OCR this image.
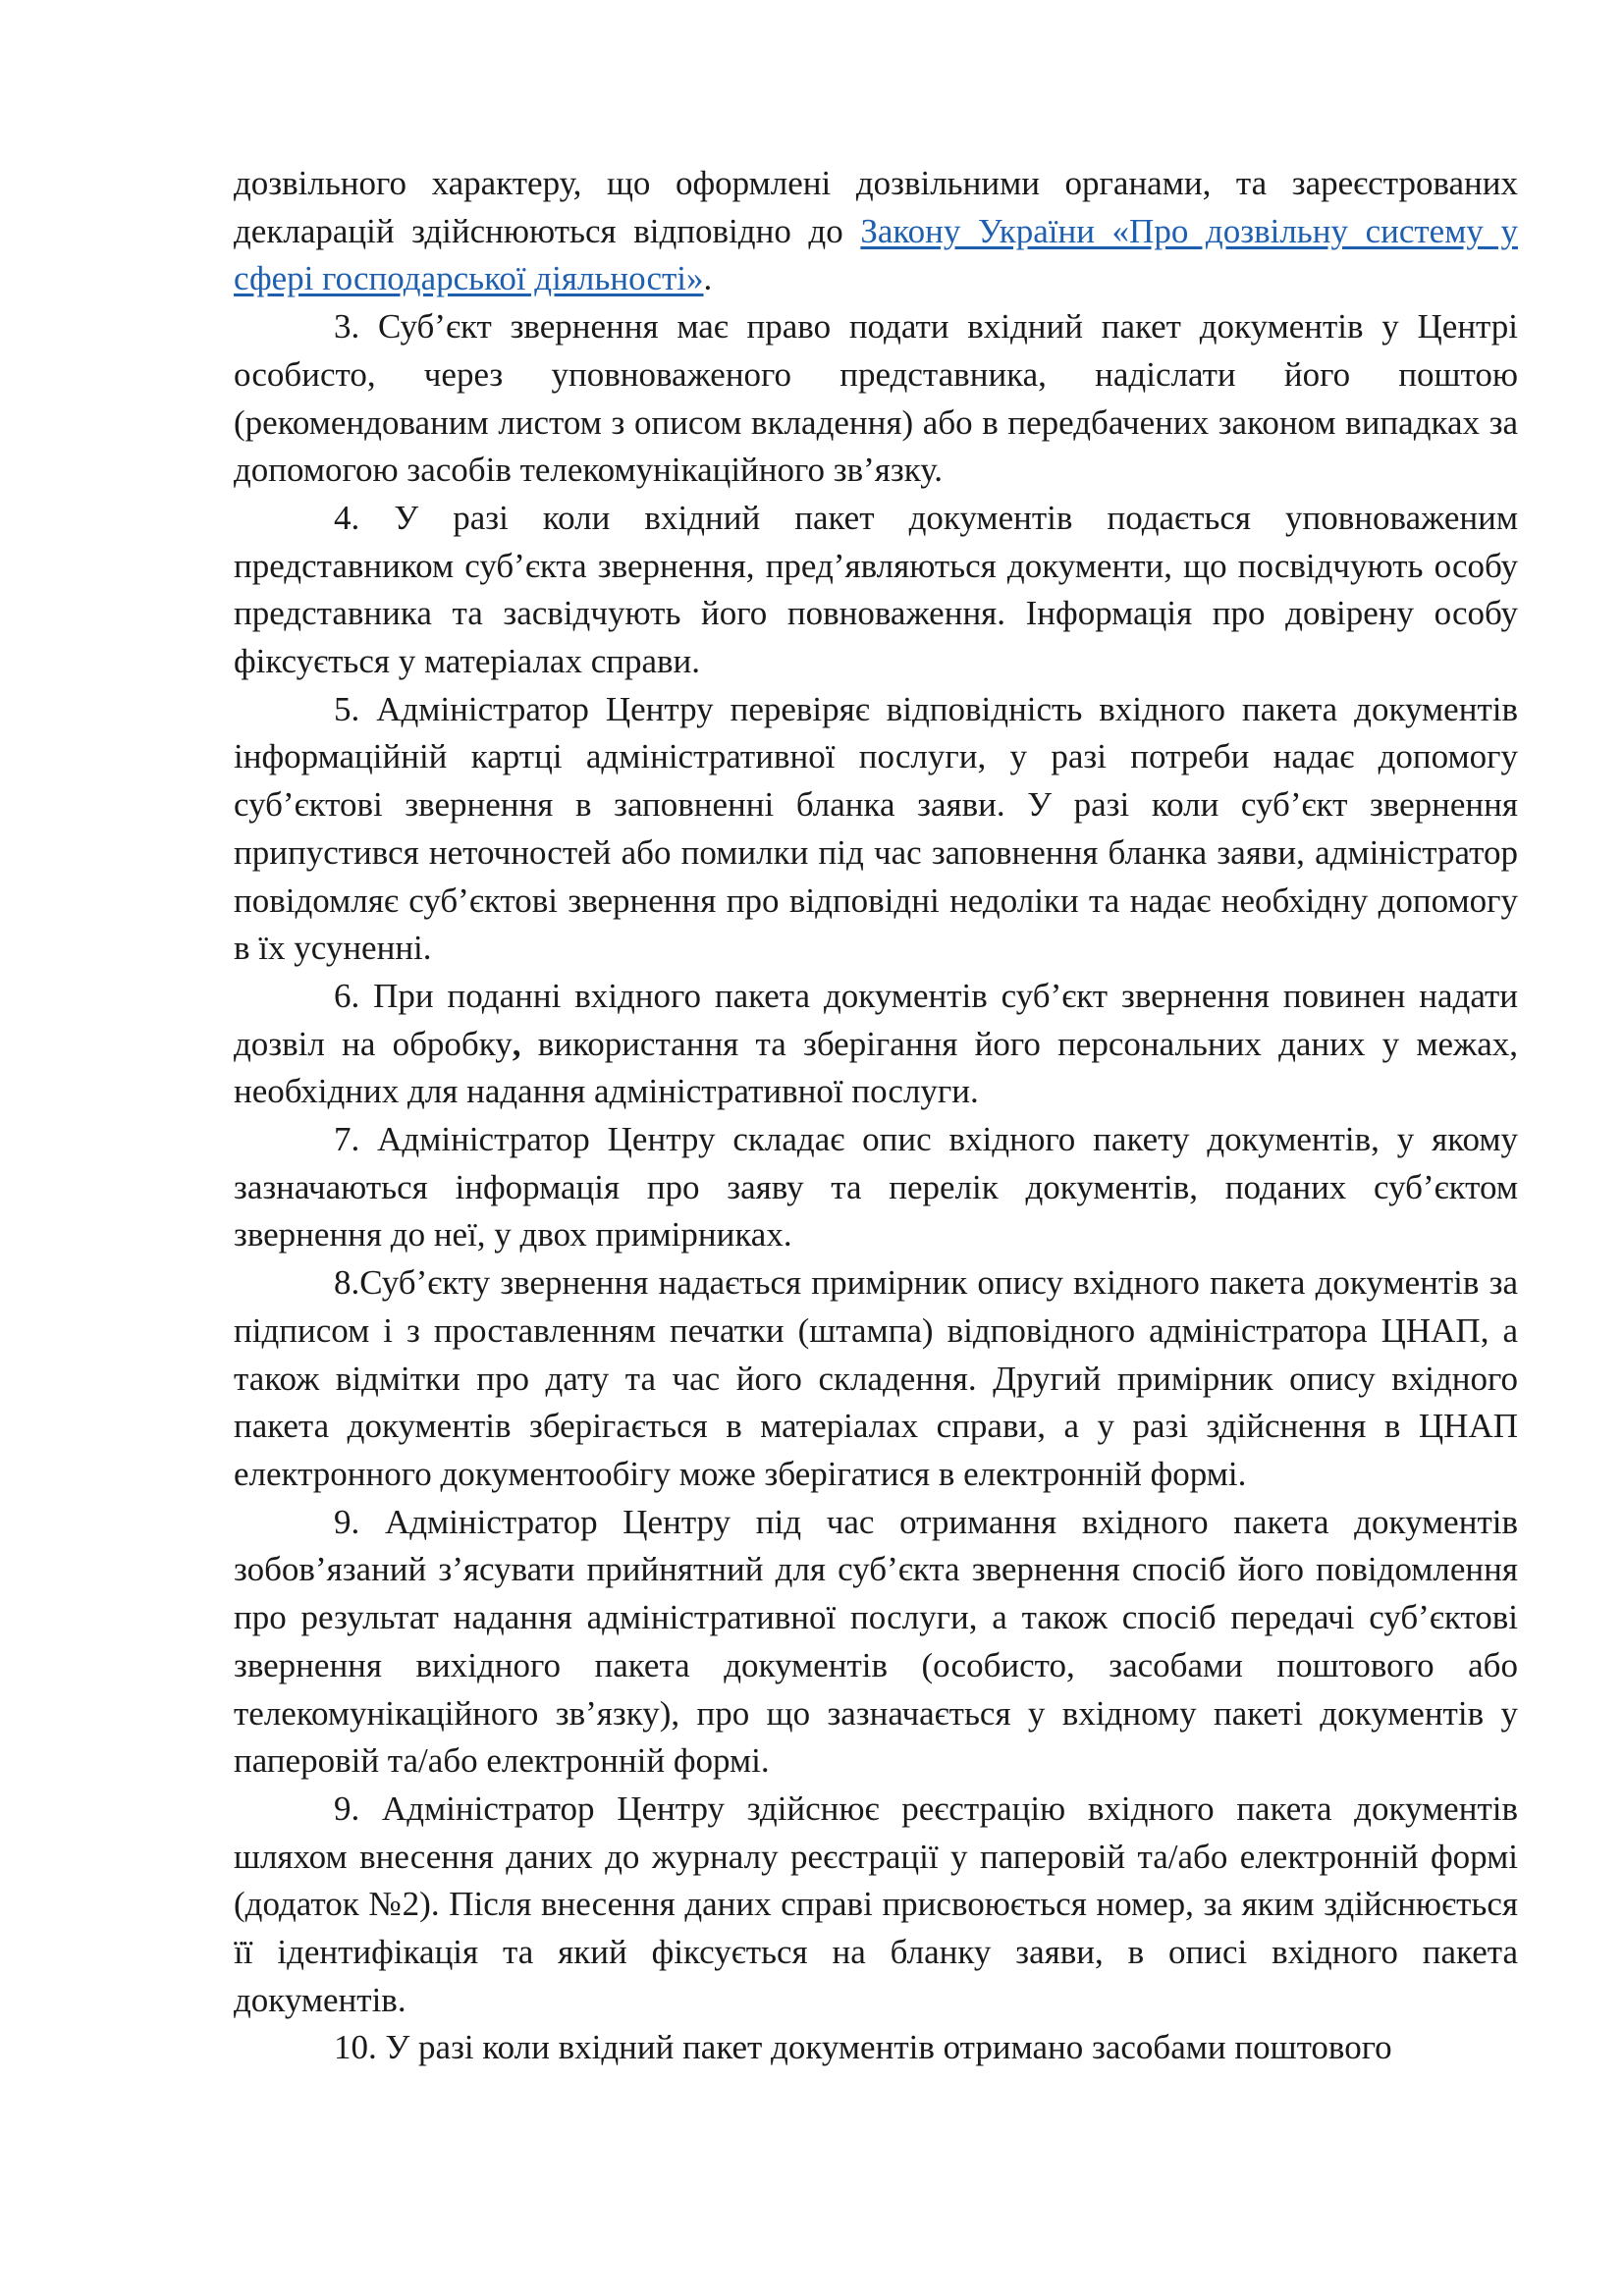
дозвільного характеру, що оформлені дозвільними органами, та зареєстрованих декларацій здійснюються відповідно до Закону України «Про дозвільну систему у сфері господарської діяльності».

3. Суб’єкт звернення має право подати вхідний пакет документів у Центрі особисто, через уповноваженого представника, надіслати його поштою (рекомендованим листом з описом вкладення) або в передбачених законом випадках за допомогою засобів телекомунікаційного зв’язку.

4. У разі коли вхідний пакет документів подається уповноваженим представником суб’єкта звернення, пред’являються документи, що посвідчують особу представника та засвідчують його повноваження. Інформація про довірену особу фіксується у матеріалах справи.

5. Адміністратор Центру перевіряє відповідність вхідного пакета документів інформаційній картці адміністративної послуги, у разі потреби надає допомогу суб’єктові звернення в заповненні бланка заяви. У разі коли суб’єкт звернення припустився неточностей або помилки під час заповнення бланка заяви, адміністратор повідомляє суб’єктові звернення про відповідні недоліки та надає необхідну допомогу в їх усуненні.

6. При поданні вхідного пакета документів суб’єкт звернення повинен надати дозвіл на обробку, використання та зберігання його персональних даних у межах, необхідних для надання адміністративної послуги.

7. Адміністратор Центру складає опис вхідного пакету документів, у якому зазначаються інформація про заяву та перелік документів, поданих суб’єктом звернення до неї, у двох примірниках.

8.Суб’єкту звернення надається примірник опису вхідного пакета документів за підписом і з проставленням печатки (штампа) відповідного адміністратора ЦНАП, а також відмітки про дату та час його складення. Другий примірник опису вхідного пакета документів зберігається в матеріалах справи, а у разі здійснення в ЦНАП електронного документообігу може зберігатися в електронній формі.

9. Адміністратор Центру під час отримання вхідного пакета документів зобов’язаний з’ясувати прийнятний для суб’єкта звернення спосіб його повідомлення про результат надання адміністративної послуги, а також спосіб передачі суб’єктові звернення вихідного пакета документів (особисто, засобами поштового або телекомунікаційного зв’язку), про що зазначається у вхідному пакеті документів у паперовій та/або електронній формі.

9. Адміністратор Центру здійснює реєстрацію вхідного пакета документів шляхом внесення даних до журналу реєстрації у паперовій та/або електронній формі (додаток №2). Після внесення даних справі присвоюється номер, за яким здійснюється її ідентифікація та який фіксується на бланку заяви, в описі вхідного пакета документів.

10. У разі коли вхідний пакет документів отримано засобами поштового
